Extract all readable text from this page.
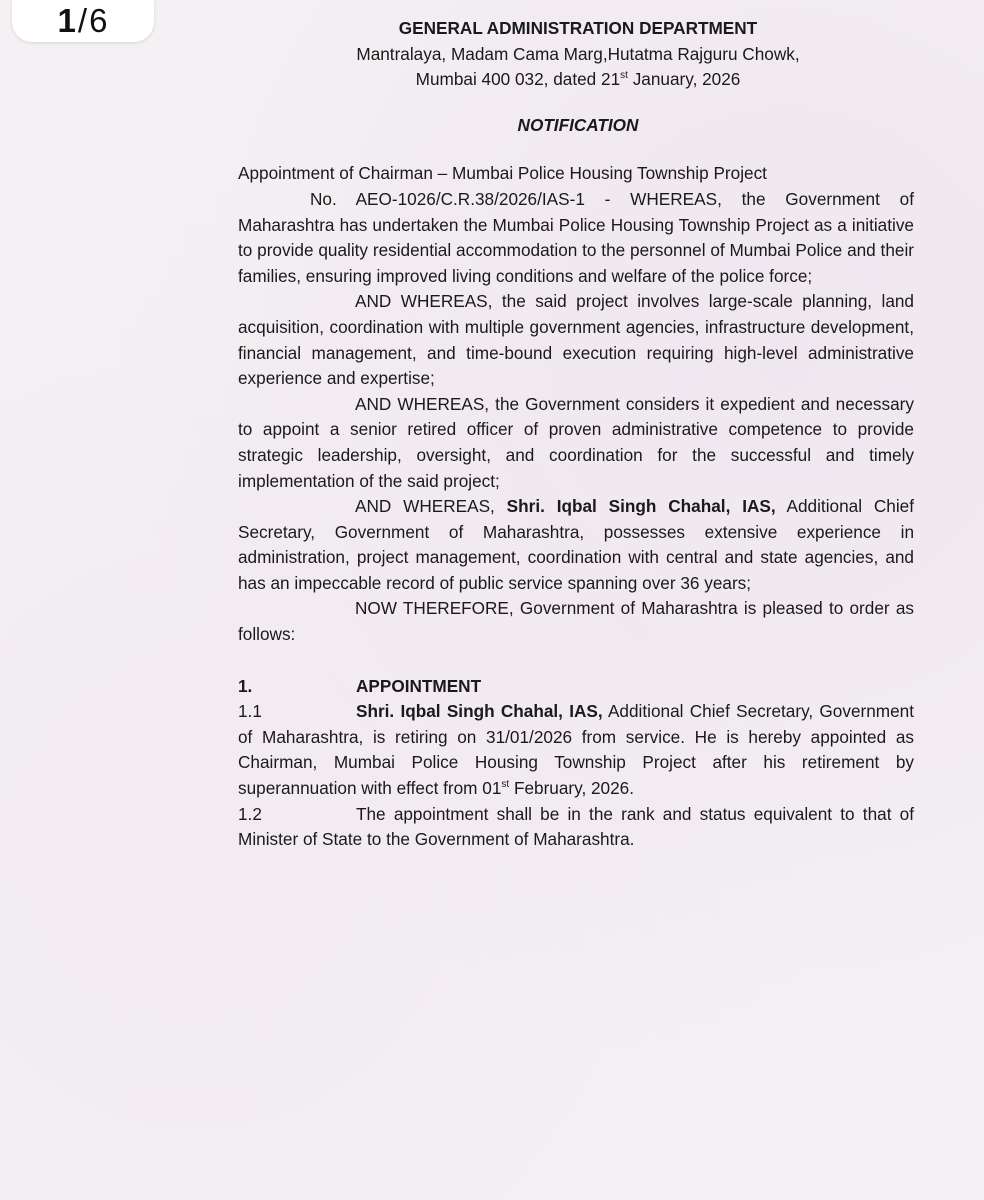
1 / 6	GENERAL ADMINISTRATION DEPARTMENT
Mantralaya, Madam Cama Marg,Hutatma Rajguru Chowk,
Mumbai 400 032, dated 21st January, 2026
NOTIFICATION
Appointment of Chairman – Mumbai Police Housing Township Project

No. AEO-1026/C.R.38/2026/IAS-1 - WHEREAS, the Government of Maharashtra has undertaken the Mumbai Police Housing Township Project as a initiative to provide quality residential accommodation to the personnel of Mumbai Police and their families, ensuring improved living conditions and welfare of the police force;

AND WHEREAS, the said project involves large-scale planning, land acquisition, coordination with multiple government agencies, infrastructure development, financial management, and time-bound execution requiring high-level administrative experience and expertise;

AND WHEREAS, the Government considers it expedient and necessary to appoint a senior retired officer of proven administrative competence to provide strategic leadership, oversight, and coordination for the successful and timely implementation of the said project;

AND WHEREAS, Shri. Iqbal Singh Chahal, IAS, Additional Chief Secretary, Government of Maharashtra, possesses extensive experience in administration, project management, coordination with central and state agencies, and has an impeccable record of public service spanning over 36 years;

NOW THEREFORE, Government of Maharashtra is pleased to order as follows:

1.	APPOINTMENT

1.1	Shri. Iqbal Singh Chahal, IAS, Additional Chief Secretary, Government of Maharashtra, is retiring on 31/01/2026 from service. He is hereby appointed as Chairman, Mumbai Police Housing Township Project after his retirement by superannuation with effect from 01st February, 2026.

1.2	The appointment shall be in the rank and status equivalent to that of Minister of State to the Government of Maharashtra.
